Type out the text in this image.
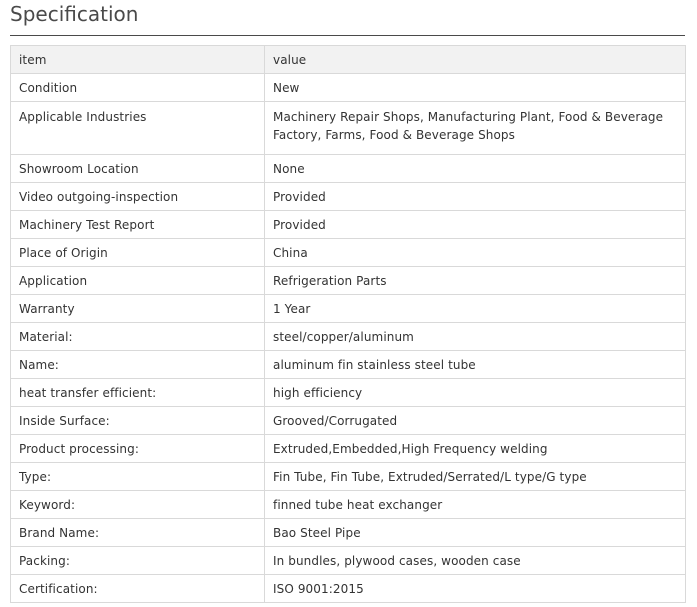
Specification
item	value
Condition	New
Applicable Industries	Machinery Repair Shops, Manufacturing Plant, Food & Beverage Factory, Farms, Food & Beverage Shops
Showroom Location	None
Video outgoing-inspection	Provided
Machinery Test Report	Provided
Place of Origin	China
Application	Refrigeration Parts
Warranty	1 Year
Material:	steel/copper/aluminum
Name:	aluminum fin stainless steel tube
heat transfer efficient:	high efficiency
Inside Surface:	Grooved/Corrugated
Product processing:	Extruded,Embedded,High Frequency welding
Type:	Fin Tube, Fin Tube, Extruded/Serrated/L type/G type
Keyword:	finned tube heat exchanger
Brand Name:	Bao Steel Pipe
Packing:	In bundles, plywood cases, wooden case
Certification:	ISO 9001:2015
